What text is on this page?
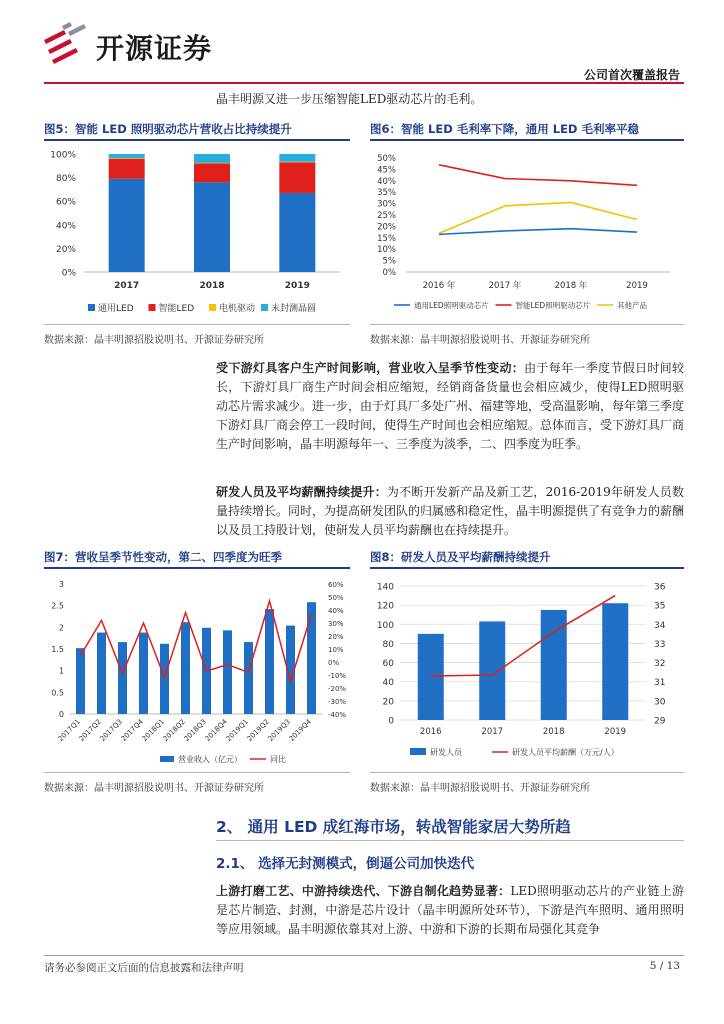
开源证券
公司首次覆盖报告
晶丰明源又进一步压缩智能LED驱动芯片的毛利。
图5：智能 LED 照明驱动芯片营收占比持续提升
0%
20%
40%
60%
80%
100%
2017	2018	2019
通用LED	智能LED	电机驱动 未封测晶圆
数据来源：晶丰明源招股说明书、开源证券研究所
图6：智能 LED 毛利率下降，通用 LED 毛利率平稳
0%
5%
10%
15%
20%
25%
30%
35%
40%
45%
50%
2016 年	2017 年	2018 年	2019
通用LED照明驱动芯片	智能LED照明驱动芯片	其他产品
数据来源：晶丰明源招股说明书、开源证券研究所
受下游灯具客户生产时间影响，营业收入呈季节性变动：由于每年一季度节假日时间较长，下游灯具厂商生产时间会相应缩短，经销商备货量也会相应减少，使得LED照明驱动芯片需求减少。进一步，由于灯具厂多处广州、福建等地，受高温影响，每年第三季度下游灯具厂商会停工一段时间，使得生产时间也会相应缩短。总体而言，受下游灯具厂商生产时间影响，晶丰明源每年一、三季度为淡季，二、四季度为旺季。
研发人员及平均薪酬持续提升：为不断开发新产品及新工艺，2016-2019年研发人员数量持续增长。同时，为提高研发团队的归属感和稳定性，晶丰明源提供了有竞争力的薪酬以及员工持股计划，使研发人员平均薪酬也在持续提升。
图7：营收呈季节性变动，第二、四季度为旺季
0
0.5
1
1.5
2
2.5
3	60%
50%
40%
30%
20%
10%
0%
-10%
-20%
-30%
-40%
2017Q1
2017Q2
2017Q3
2017Q4
2018Q1
2018Q2
2018Q3
2018Q4
2019Q1
2019Q2
2019Q3
2019Q4
营业收入（亿元）	同比
数据来源：晶丰明源招股说明书、开源证券研究所
图8：研发人员及平均薪酬持续提升
0
20
40
60
80
100
120
140
29
30
31
32
33
34
35
36
2016	2017	2018	2019
研发人员	研发人员平均薪酬（万元/人）
数据来源：晶丰明源招股说明书、开源证券研究所
2、 通用 LED 成红海市场，转战智能家居大势所趋
2.1、 选择无封测模式，倒逼公司加快迭代
上游打磨工艺、中游持续迭代、下游自制化趋势显著：LED照明驱动芯片的产业链上游是芯片制造、封测，中游是芯片设计（晶丰明源所处环节），下游是汽车照明、通用照明等应用领域。晶丰明源依靠其对上游、中游和下游的长期布局强化其竞争
请务必参阅正文后面的信息披露和法律声明	5 / 13
